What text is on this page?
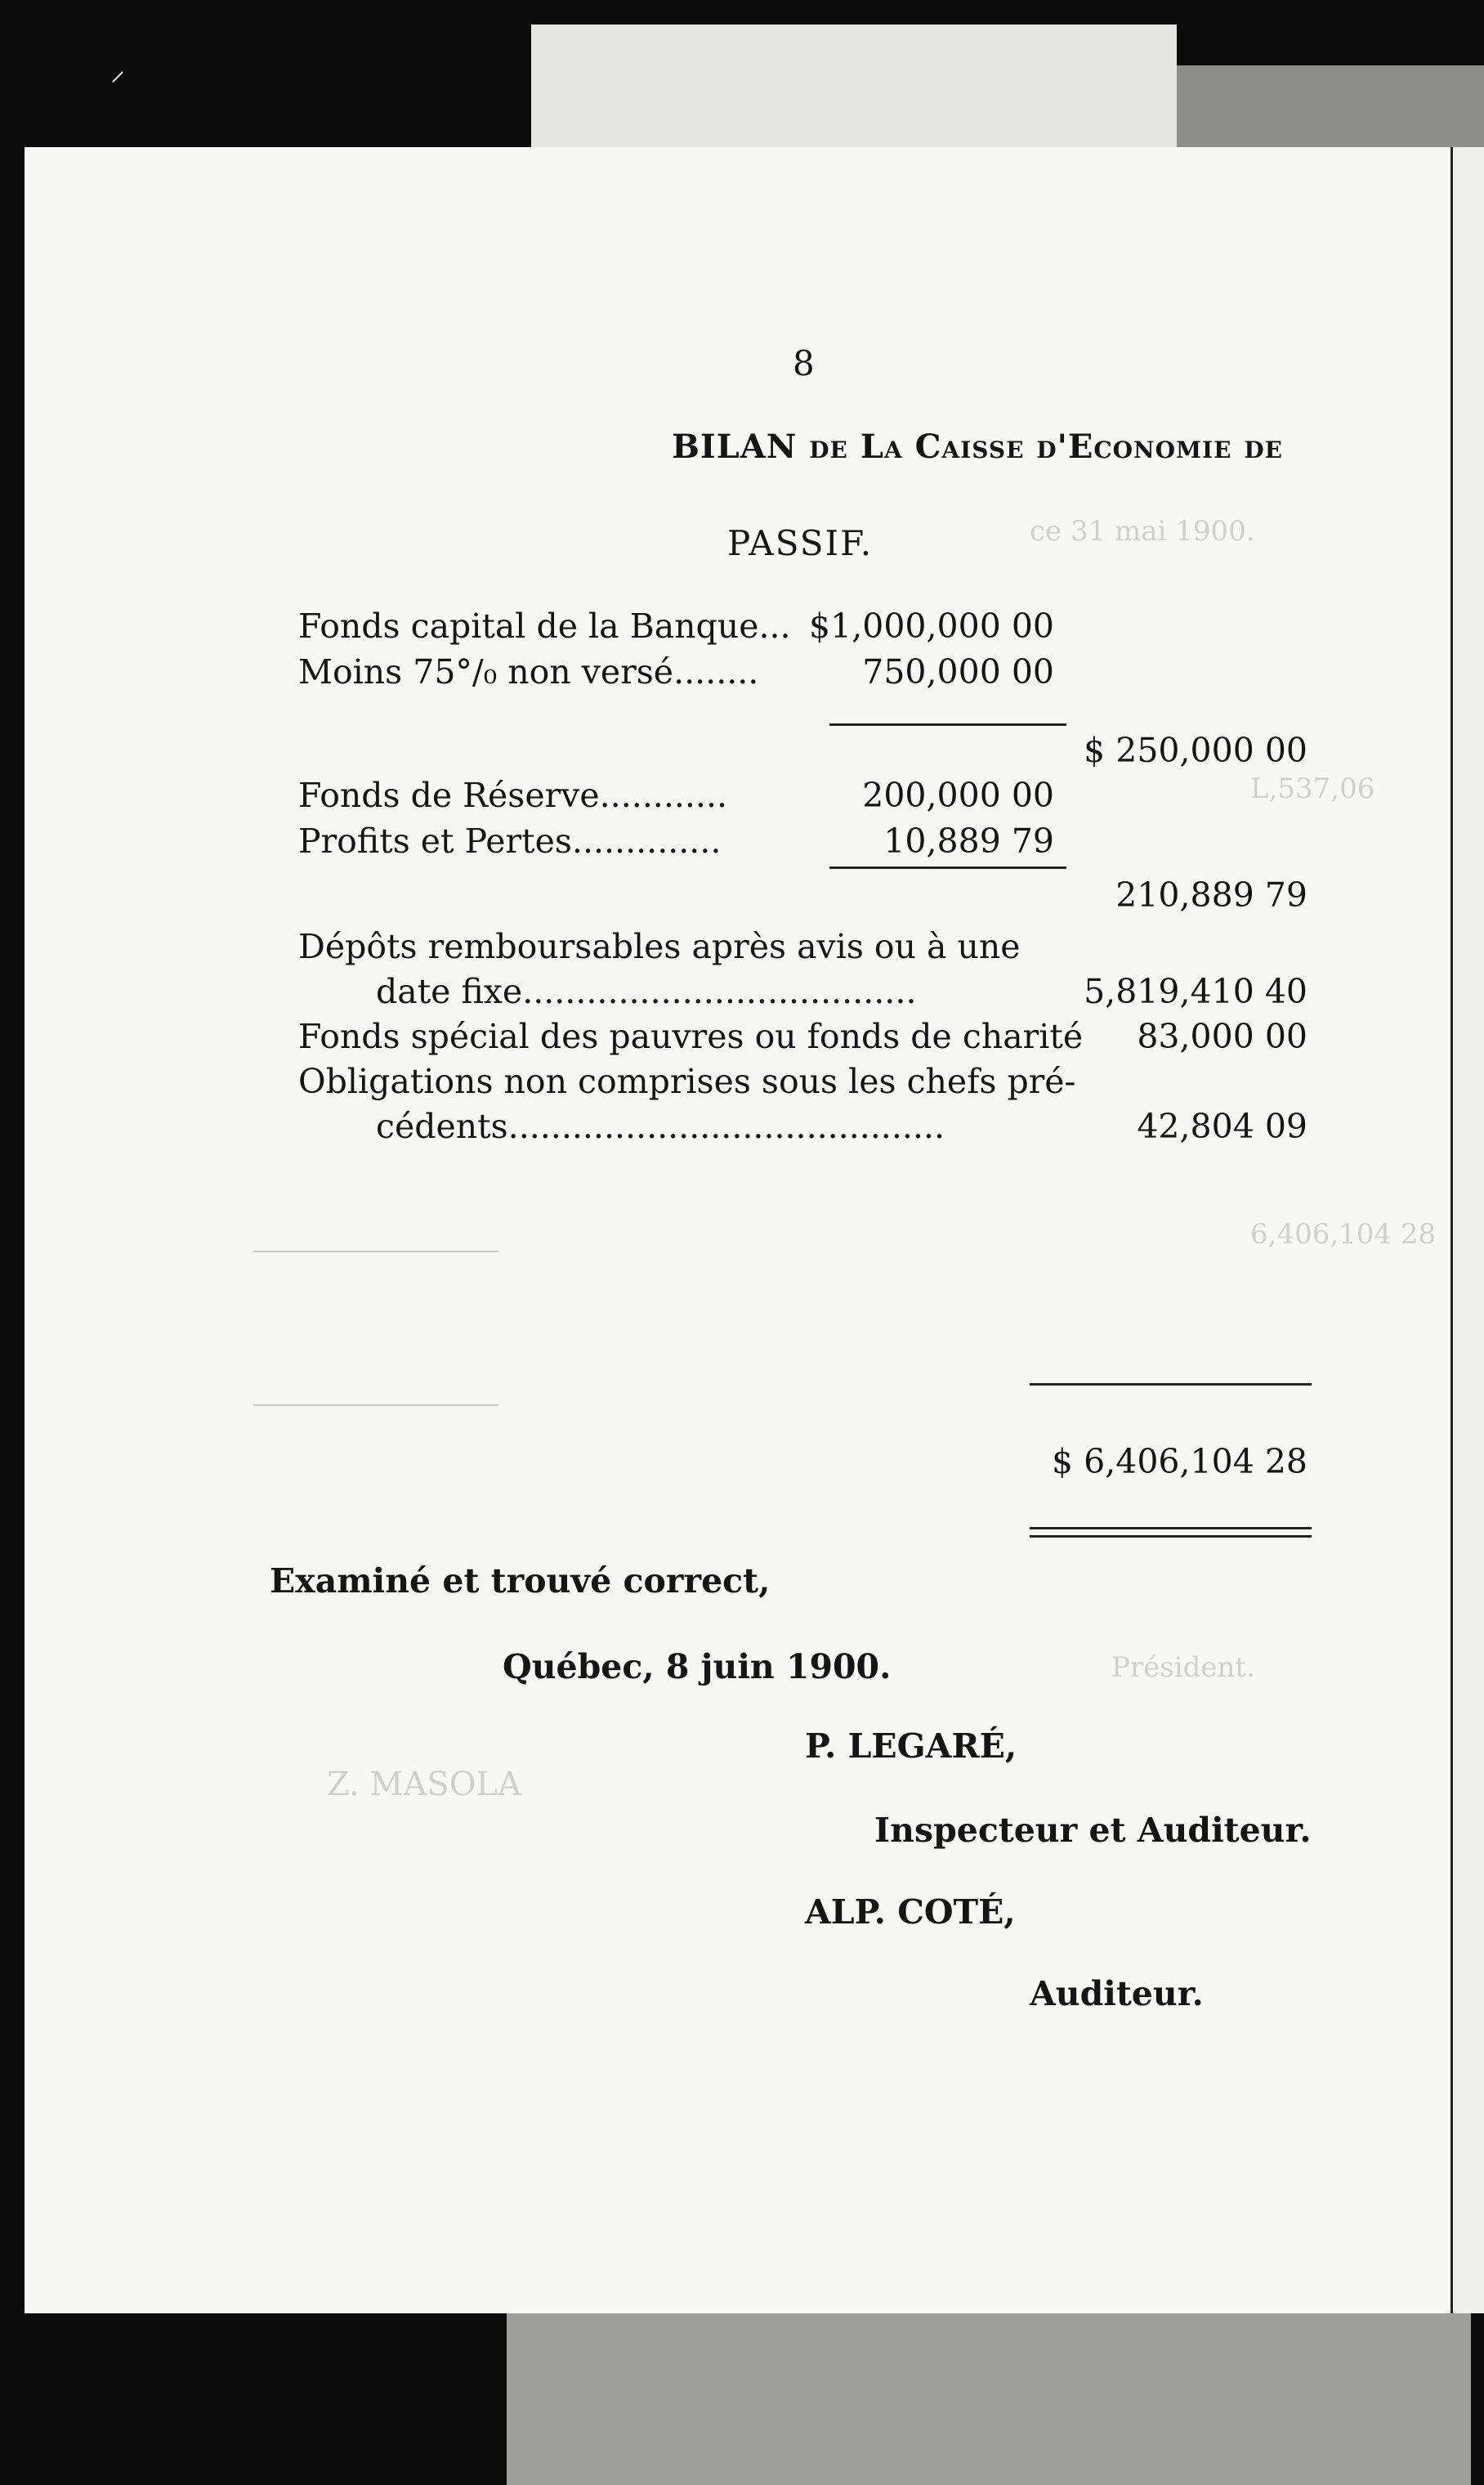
⸝
ce 31 mai 1900.
L,537,06
6,406,104 28
Président.
Z. MASOLA
8
BILAN de La Caisse d'Economie de
PASSIF.
Fonds capital de la Banque... $1,000,000 00
Moins 75°/₀ non versé........	750,000 00
$ 250,000 00
Fonds de Réserve............	200,000 00
Profits et Pertes..............	10,889 79
210,889 79
Dépôts remboursables après avis ou à une
date fixe.....................................	5,819,410 40
Fonds spécial des pauvres ou fonds de charité 83,000 00
Obligations non comprises sous les chefs pré-
cédents.........................................	42,804 09
$ 6,406,104 28
Examiné et trouvé correct,
Québec, 8 juin 1900.
P. LEGARÉ,
Inspecteur et Auditeur.
ALP. COTÉ,
Auditeur.
